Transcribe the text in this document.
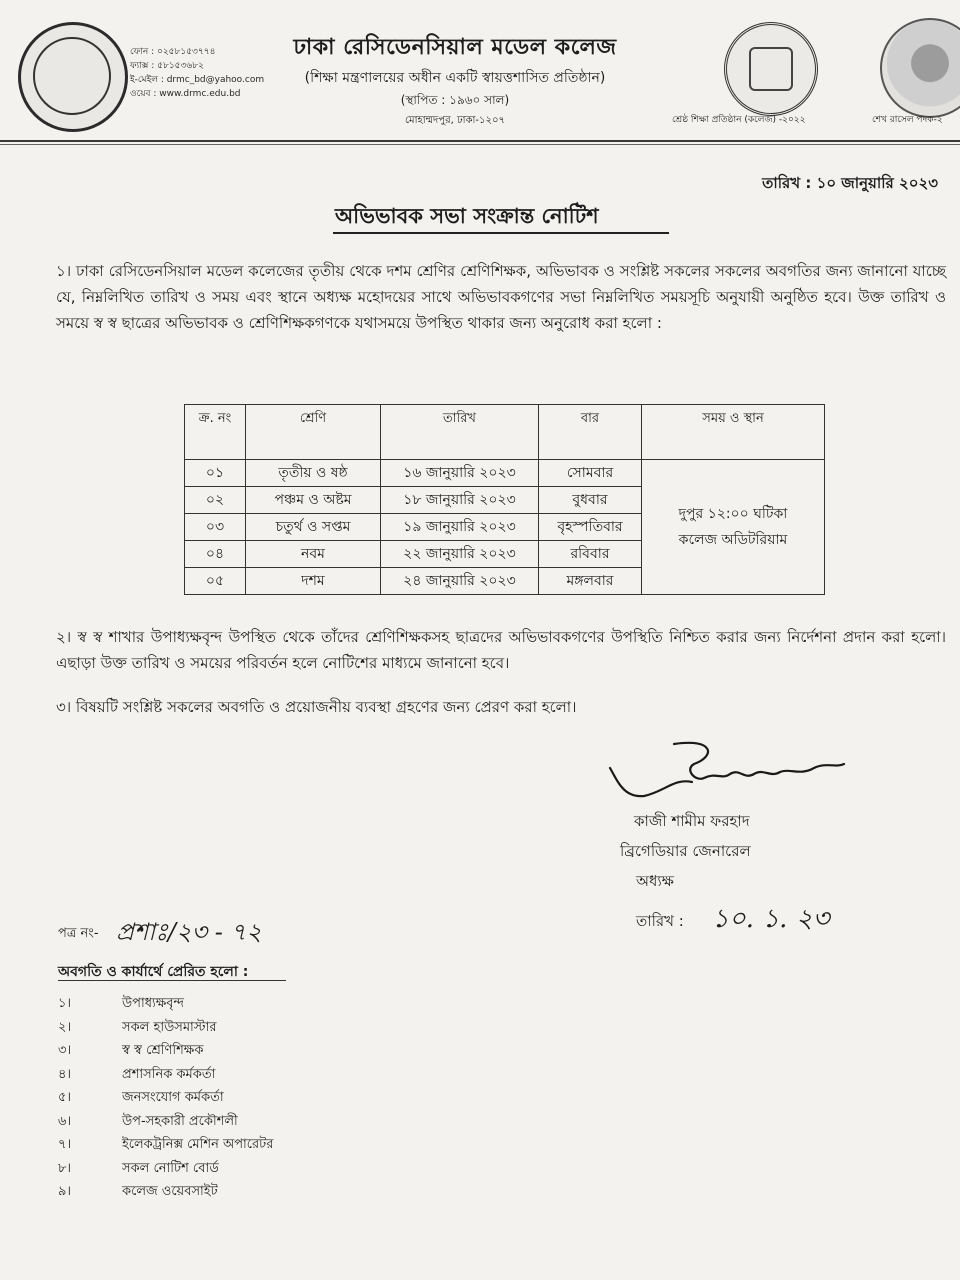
ফোন : ০২৫৮১৫৩৭৭৪
ফ্যাক্স : ৫৮১৫৩৬৮২
ই-মেইল : drmc_bd@yahoo.com
ওয়েব : www.drmc.edu.bd
ঢাকা রেসিডেনসিয়াল মডেল কলেজ
(শিক্ষা মন্ত্রণালয়ের অধীন একটি স্বায়ত্তশাসিত প্রতিষ্ঠান)
(স্থাপিত : ১৯৬০ সাল)
মোহাম্মদপুর, ঢাকা-১২০৭	শ্রেষ্ঠ শিক্ষা প্রতিষ্ঠান (কলেজ) -২০২২	শেখ রাসেল পদক-২
তারিখ : ১০ জানুয়ারি ২০২৩
অভিভাবক সভা সংক্রান্ত নোটিশ
১। ঢাকা রেসিডেনসিয়াল মডেল কলেজের তৃতীয় থেকে দশম শ্রেণির শ্রেণিশিক্ষক, অভিভাবক ও সংশ্লিষ্ট সকলের সকলের অবগতির জন্য জানানো যাচ্ছে যে, নিম্নলিখিত তারিখ ও সময় এবং স্থানে অধ্যক্ষ মহোদয়ের সাথে অভিভাবকগণের সভা নিম্নলিখিত সময়সূচি অনুযায়ী অনুষ্ঠিত হবে। উক্ত তারিখ ও সময়ে স্ব স্ব ছাত্রের অভিভাবক ও শ্রেণিশিক্ষকগণকে যথাসময়ে উপস্থিত থাকার জন্য অনুরোধ করা হলো :
ক্র. নং	শ্রেণি	তারিখ	বার	সময় ও স্থান
০১	তৃতীয় ও ষষ্ঠ	১৬ জানুয়ারি ২০২৩	সোমবার	দুপুর ১২:০০ ঘটিকা
কলেজ অডিটরিয়াম

০২	পঞ্চম ও অষ্টম	১৮ জানুয়ারি ২০২৩	বুধবার	
০৩	চতুর্থ ও সপ্তম	১৯ জানুয়ারি ২০২৩	বৃহস্পতিবার	
০৪	নবম	২২ জানুয়ারি ২০২৩	রবিবার	
০৫	দশম	২৪ জানুয়ারি ২০২৩	মঙ্গলবার	
২। স্ব স্ব শাখার উপাধ্যক্ষবৃন্দ উপস্থিত থেকে তাঁদের শ্রেণিশিক্ষকসহ ছাত্রদের অভিভাবকগণের উপস্থিতি নিশ্চিত করার জন্য নির্দেশনা প্রদান করা হলো। এছাড়া উক্ত তারিখ ও সময়ের পরিবর্তন হলে নোটিশের মাধ্যমে জানানো হবে।
৩। বিষয়টি সংশ্লিষ্ট সকলের অবগতি ও প্রয়োজনীয় ব্যবস্থা গ্রহণের জন্য প্রেরণ করা হলো।
কাজী শামীম ফরহাদ
ব্রিগেডিয়ার জেনারেল
অধ্যক্ষ
তারিখ : ১০. ১. ২৩
পত্র নং- প্রশাঃ/২৩ - ৭২
অবগতি ও কার্যার্থে প্রেরিত হলো :
১।	উপাধ্যক্ষবৃন্দ
২।	সকল হাউসমাস্টার
৩।	স্ব স্ব শ্রেণিশিক্ষক
৪।	প্রশাসনিক কর্মকর্তা
৫।	জনসংযোগ কর্মকর্তা
৬।	উপ-সহকারী প্রকৌশলী
৭।	ইলেকট্রনিক্স মেশিন অপারেটর
৮।	সকল নোটিশ বোর্ড
৯।	কলেজ ওয়েবসাইট
